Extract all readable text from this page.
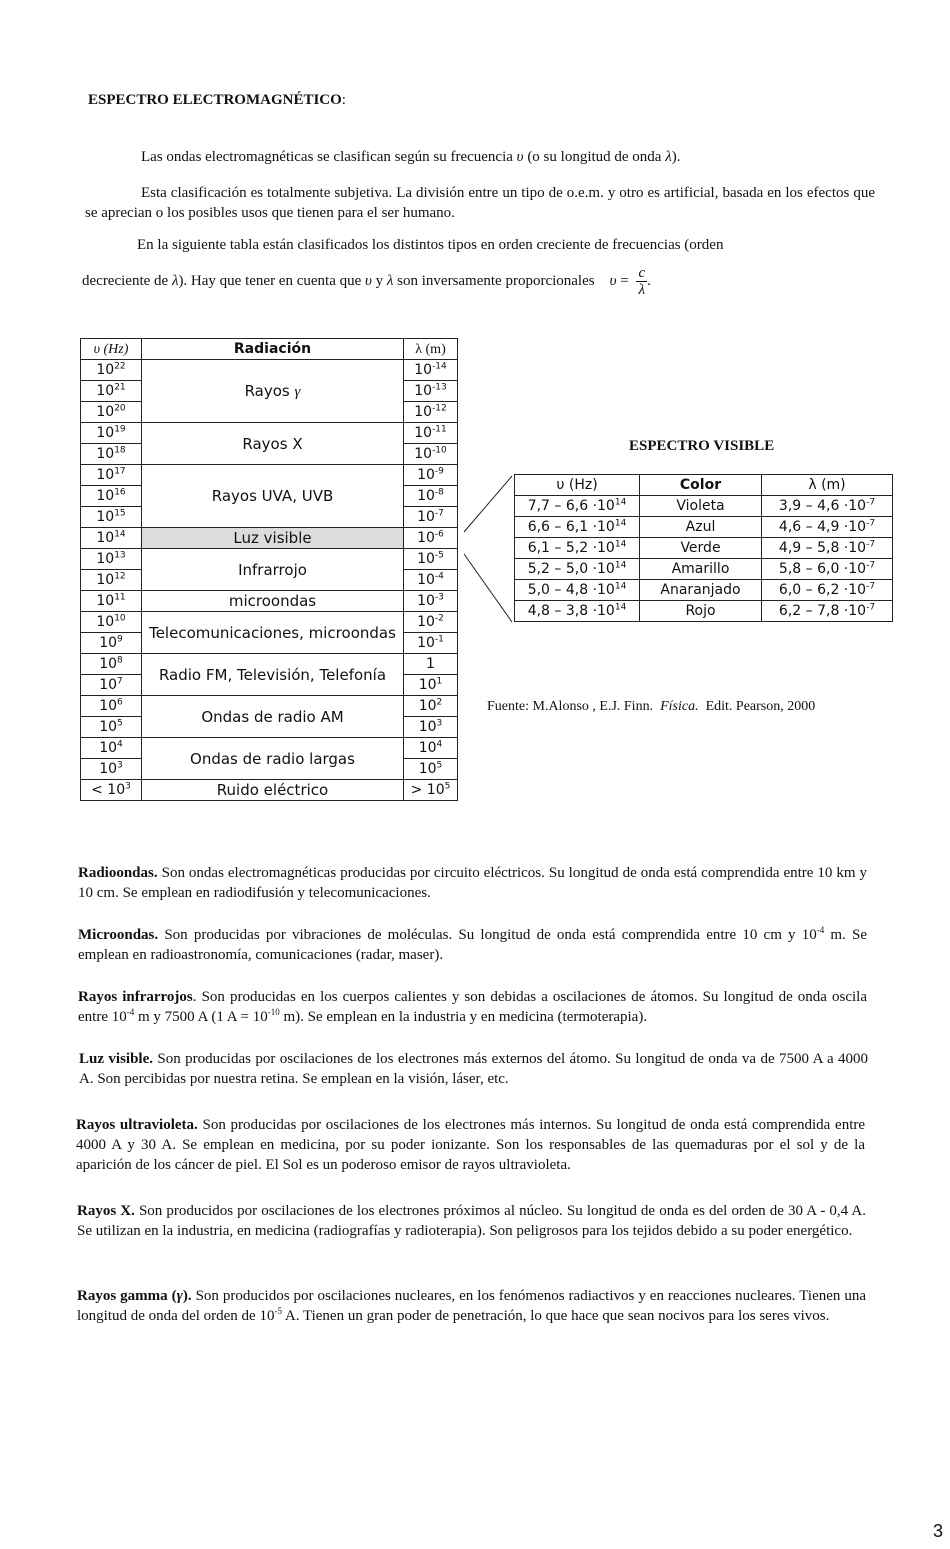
ESPECTRO ELECTROMAGNÉTICO:
Las ondas electromagnéticas se clasifican según su frecuencia υ (o su longitud de onda λ).
Esta clasificación es totalmente subjetiva. La división entre un tipo de o.e.m. y otro es artificial, basada en los efectos que se aprecian o los posibles usos que tienen para el ser humano.
En la siguiente tabla están clasificados los distintos tipos en orden creciente de frecuencias (orden
decreciente de λ). Hay que tener en cuenta que υ y λ son inversamente proporcionales $\upsilon = \frac{c}{\lambda}$ .
υ (Hz)	Radiación	λ (m)
$10^{22}$	Rayos γ	$10^{-14}$
$10^{21}$		$10^{-13}$
$10^{20}$		$10^{-12}$
$10^{19}$	Rayos X	$10^{-11}$
$10^{18}$		$10^{-10}$
$10^{17}$	Rayos UVA, UVB	$10^{-9}$
$10^{16}$		$10^{-8}$
$10^{15}$		$10^{-7}$
$10^{14}$	Luz visible	$10^{-6}$
$10^{13}$	Infrarrojo	$10^{-5}$
$10^{12}$		$10^{-4}$
$10^{11}$	microondas	$10^{-3}$
$10^{10}$	Telecomunicaciones, microondas	$10^{-2}$
$10^9$		$10^{-1}$
$10^8$	Radio FM, Televisión, Telefonía	1
$10^7$		$10^1$
$10^6$	Ondas de radio AM	$10^2$
$10^5$		$10^3$
$10^4$	Ondas de radio largas	$10^4$
$10^3$		$10^5$
< $10^3$	Ruido eléctrico	> $10^5$
ESPECTRO VISIBLE
υ (Hz)	Color	λ (m)
$7,7 - 6,6 \cdot 10^{14}$	Violeta	$3,9 - 4,6 \cdot 10^{-7}$
$6,6 - 6,1 \cdot 10^{14}$	Azul	$4,6 - 4,9 \cdot 10^{-7}$
$6,1 - 5,2 \cdot 10^{14}$	Verde	$4,9 - 5,8 \cdot 10^{-7}$
$5,2 - 5,0 \cdot 10^{14}$	Amarillo	$5,8 - 6,0 \cdot 10^{-7}$
$5,0 - 4,8 \cdot 10^{14}$	Anaranjado	$6,0 - 6,2 \cdot 10^{-7}$
$4,8 - 3,8 \cdot 10^{14}$	Rojo	$6,2 - 7,8 \cdot 10^{-7}$
Fuente: M.Alonso , E.J. Finn. Física. Edit. Pearson, 2000
Radioondas. Son ondas electromagnéticas producidas por circuito eléctricos. Su longitud de onda está comprendida entre 10 km y 10 cm. Se emplean en radiodifusión y telecomunicaciones.
Microondas. Son producidas por vibraciones de moléculas. Su longitud de onda está comprendida entre 10 cm y $10^{-4}$ m. Se emplean en radioastronomía, comunicaciones (radar, maser).
Rayos infrarrojos. Son producidas en los cuerpos calientes y son debidas a oscilaciones de átomos. Su longitud de onda oscila entre $10^{-4}$ m y 7500 A (1 $A = 10^{-10}$ m). Se emplean en la industria y en medicina (termoterapia).
Luz visible. Son producidas por oscilaciones de los electrones más externos del átomo. Su longitud de onda va de 7500 A a 4000 A. Son percibidas por nuestra retina. Se emplean en la visión, láser, etc.
Rayos ultravioleta. Son producidas por oscilaciones de los electrones más internos. Su longitud de onda está comprendida entre 4000 A y 30 A. Se emplean en medicina, por su poder ionizante. Son los responsables de las quemaduras por el sol y de la aparición de los cáncer de piel. El Sol es un poderoso emisor de rayos ultravioleta.
Rayos X. Son producidos por oscilaciones de los electrones próximos al núcleo. Su longitud de onda es del orden de 30 A - 0,4 A. Se utilizan en la industria, en medicina (radiografías y radioterapia). Son peligrosos para los tejidos debido a su poder energético.
Rayos gamma (γ). Son producidos por oscilaciones nucleares, en los fenómenos radiactivos y en reacciones nucleares. Tienen una longitud de onda del orden de $10^{-5}$ A. Tienen un gran poder de penetración, lo que hace que sean nocivos para los seres vivos.
3
